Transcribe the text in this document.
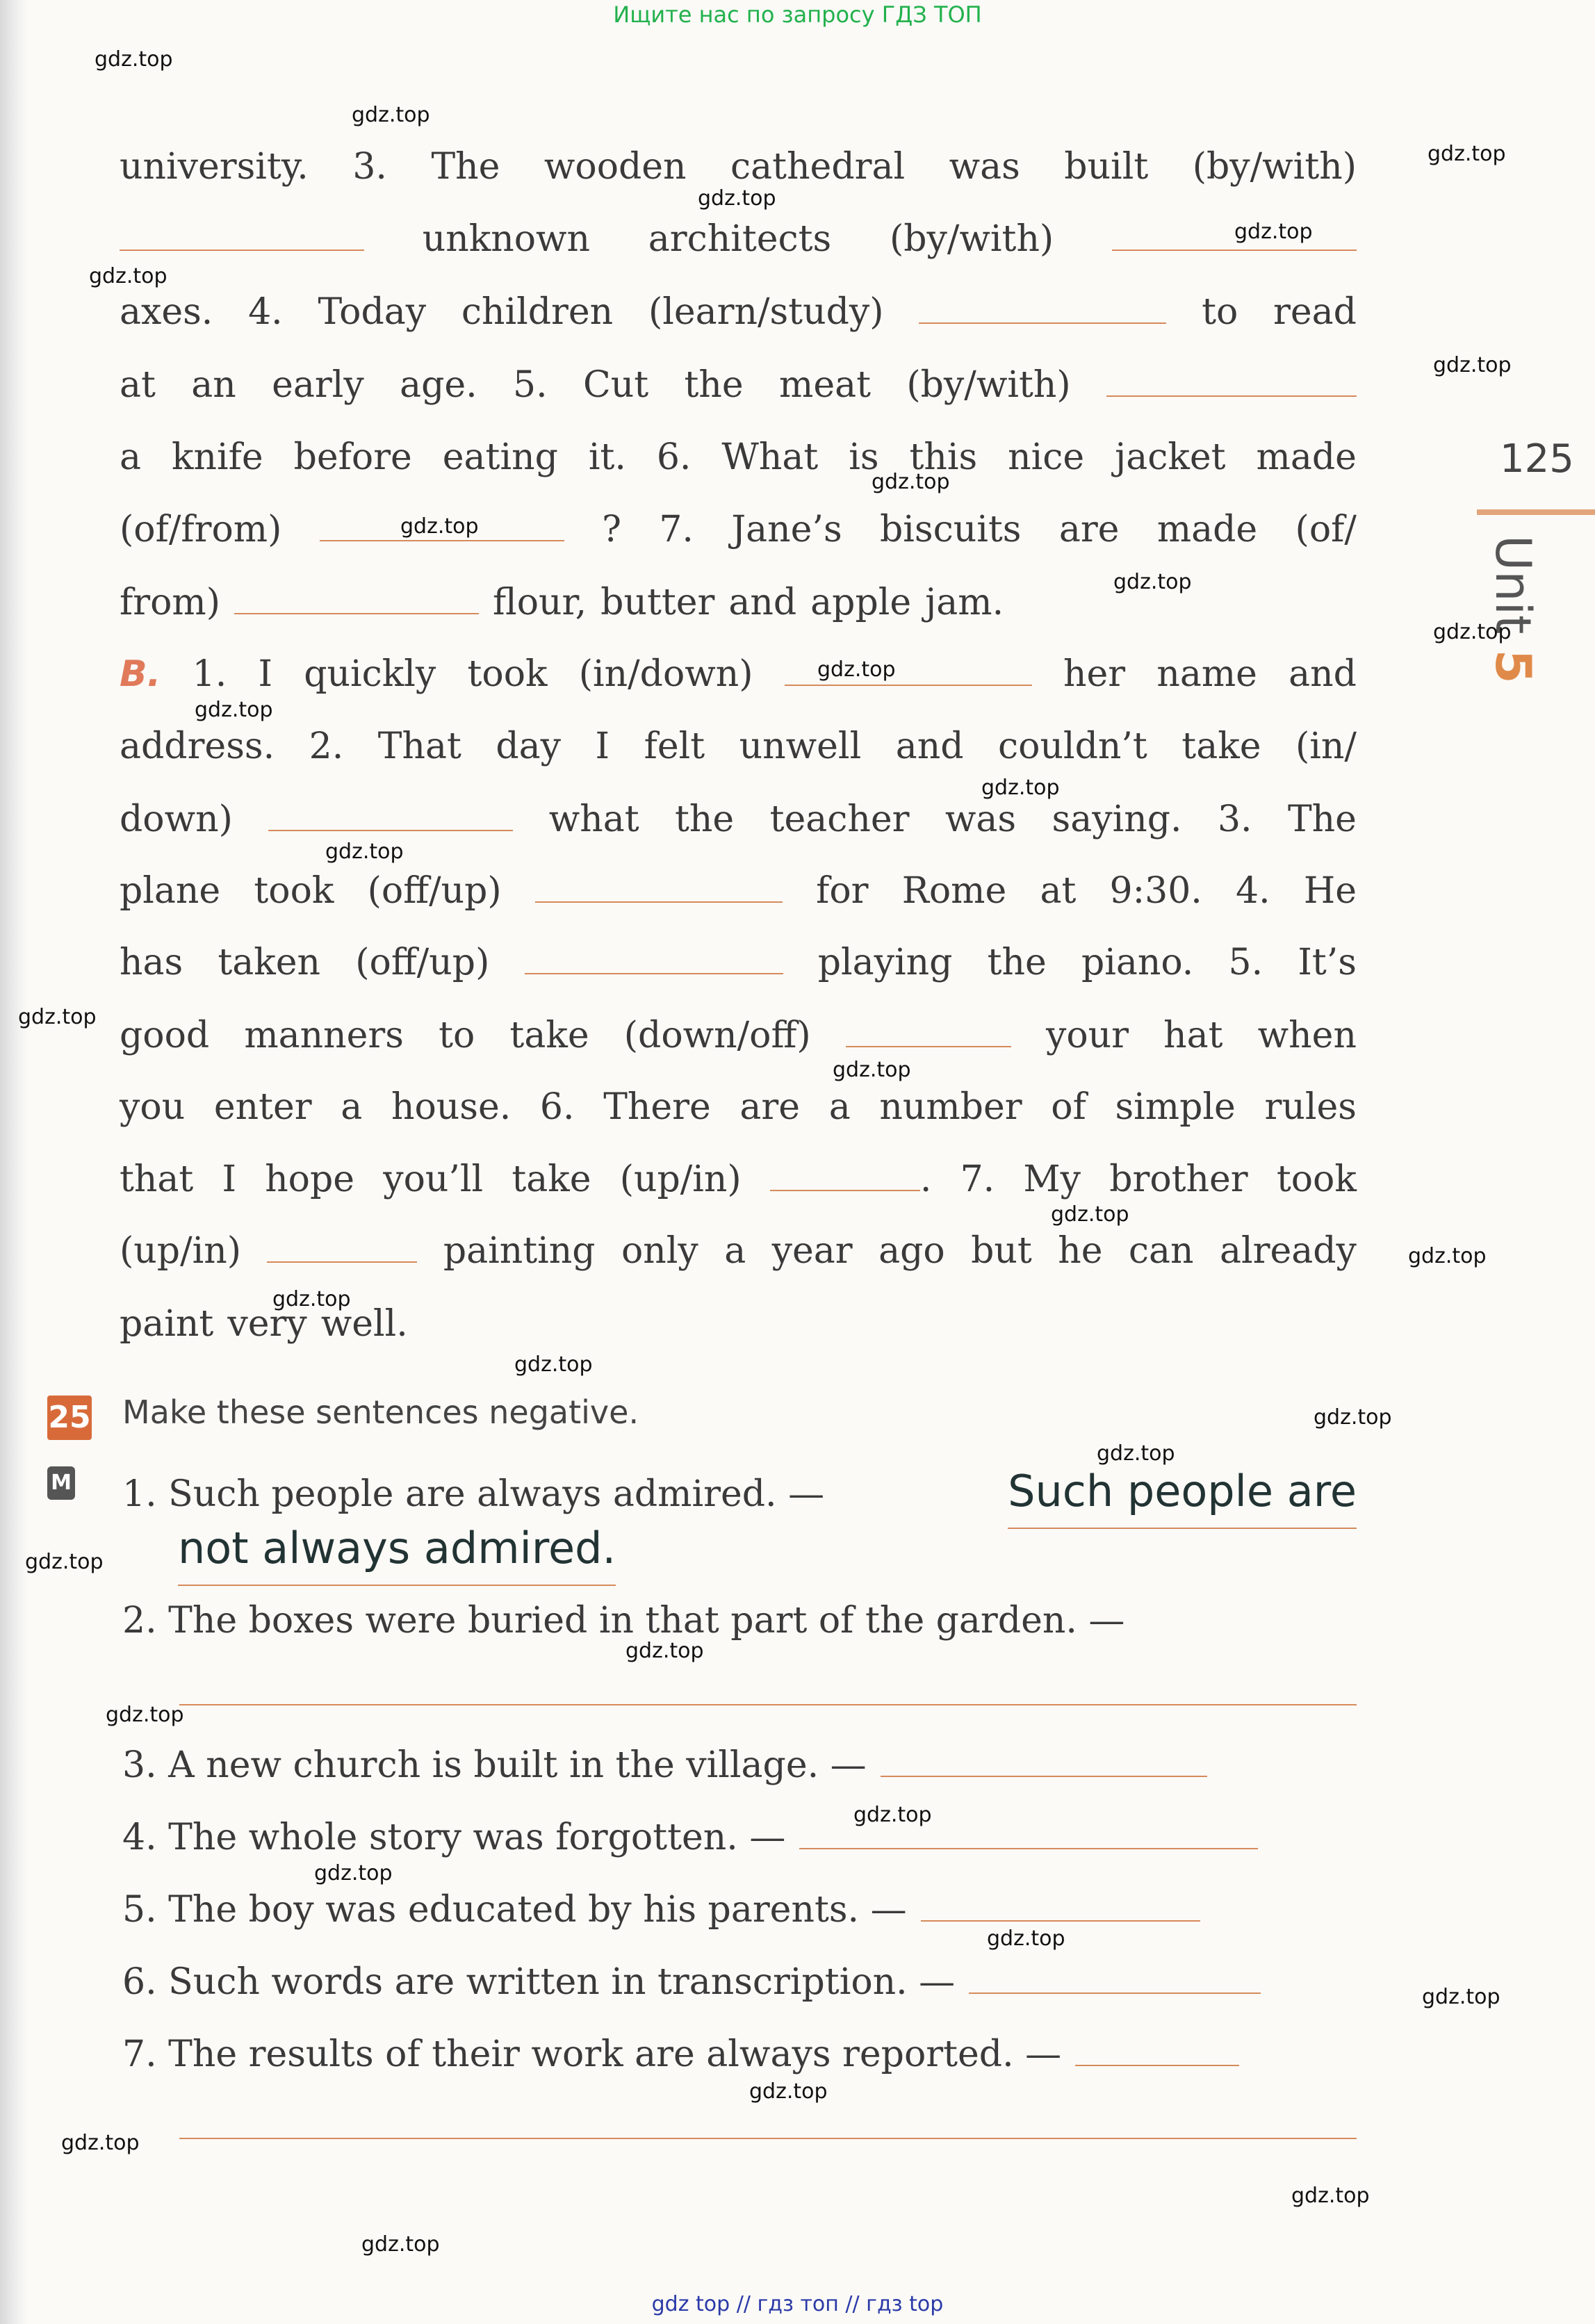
Ищите нас по запросу ГДЗ ТОП
125
Unit 5
university. 3. The wooden cathedral was built (by/with)
unknown architects (by/with)
axes. 4. Today children (learn/study)	to read
at an early age. 5. Cut the meat (by/with)
a knife before eating it. 6. What is this nice jacket made
(of/from)	? 7. Jane’s biscuits are made (of/
from)	flour, butter and apple jam.
B. 1. I quickly took (in/down)	her name and
address. 2. That day I felt unwell and couldn’t take (in/
down)	what the teacher was saying. 3. The
plane took (off/up)	for Rome at 9:30. 4. He
has taken (off/up)	playing the piano. 5. It’s
good manners to take (down/off)	your hat when
you enter a house. 6. There are a number of simple rules
that I hope you’ll take (up/in)	. 7. My brother took
(up/in)	painting only a year ago but he can already
paint very well.
25
M
Make these sentences negative.
1. Such people are always admired. —	Such people are
not always admired.
2. The boxes were buried in that part of the garden. —
3. A new church is built in the village. —
4. The whole story was forgotten. —
5. The boy was educated by his parents. —
6. Such words are written in transcription. —
7. The results of their work are always reported. —
gdz.top
gdz.top
gdz.top
gdz.top
gdz.top
gdz.top
gdz.top
gdz.top
gdz.top
gdz.top
gdz.top
gdz.top
gdz.top
gdz.top
gdz.top
gdz.top
gdz.top
gdz.top
gdz.top
gdz.top
gdz.top
gdz.top
gdz.top
gdz.top
gdz.top
gdz.top
gdz.top
gdz.top
gdz.top
gdz.top
gdz.top
gdz.top
gdz.top
gdz.top
gdz top // гдз топ // гдз top
